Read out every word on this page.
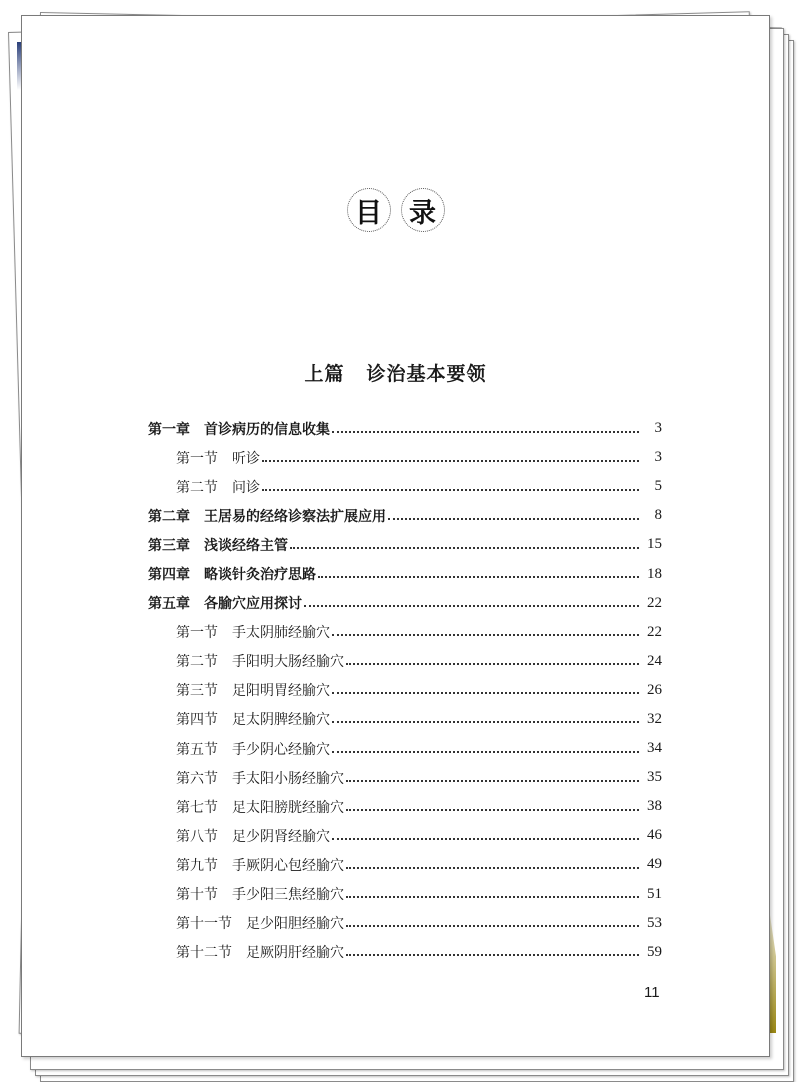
目	录
上篇 诊治基本要领
第一章 首诊病历的信息收集	3
第一节 听诊	3
第二节 问诊	5
第二章 王居易的经络诊察法扩展应用	8
第三章 浅谈经络主管	15
第四章 略谈针灸治疗思路	18
第五章 各腧穴应用探讨	22
第一节 手太阴肺经腧穴	22
第二节 手阳明大肠经腧穴	24
第三节 足阳明胃经腧穴	26
第四节 足太阴脾经腧穴	32
第五节 手少阴心经腧穴	34
第六节 手太阳小肠经腧穴	35
第七节 足太阳膀胱经腧穴	38
第八节 足少阴肾经腧穴	46
第九节 手厥阴心包经腧穴	49
第十节 手少阳三焦经腧穴	51
第十一节 足少阳胆经腧穴	53
第十二节 足厥阴肝经腧穴	59
11
